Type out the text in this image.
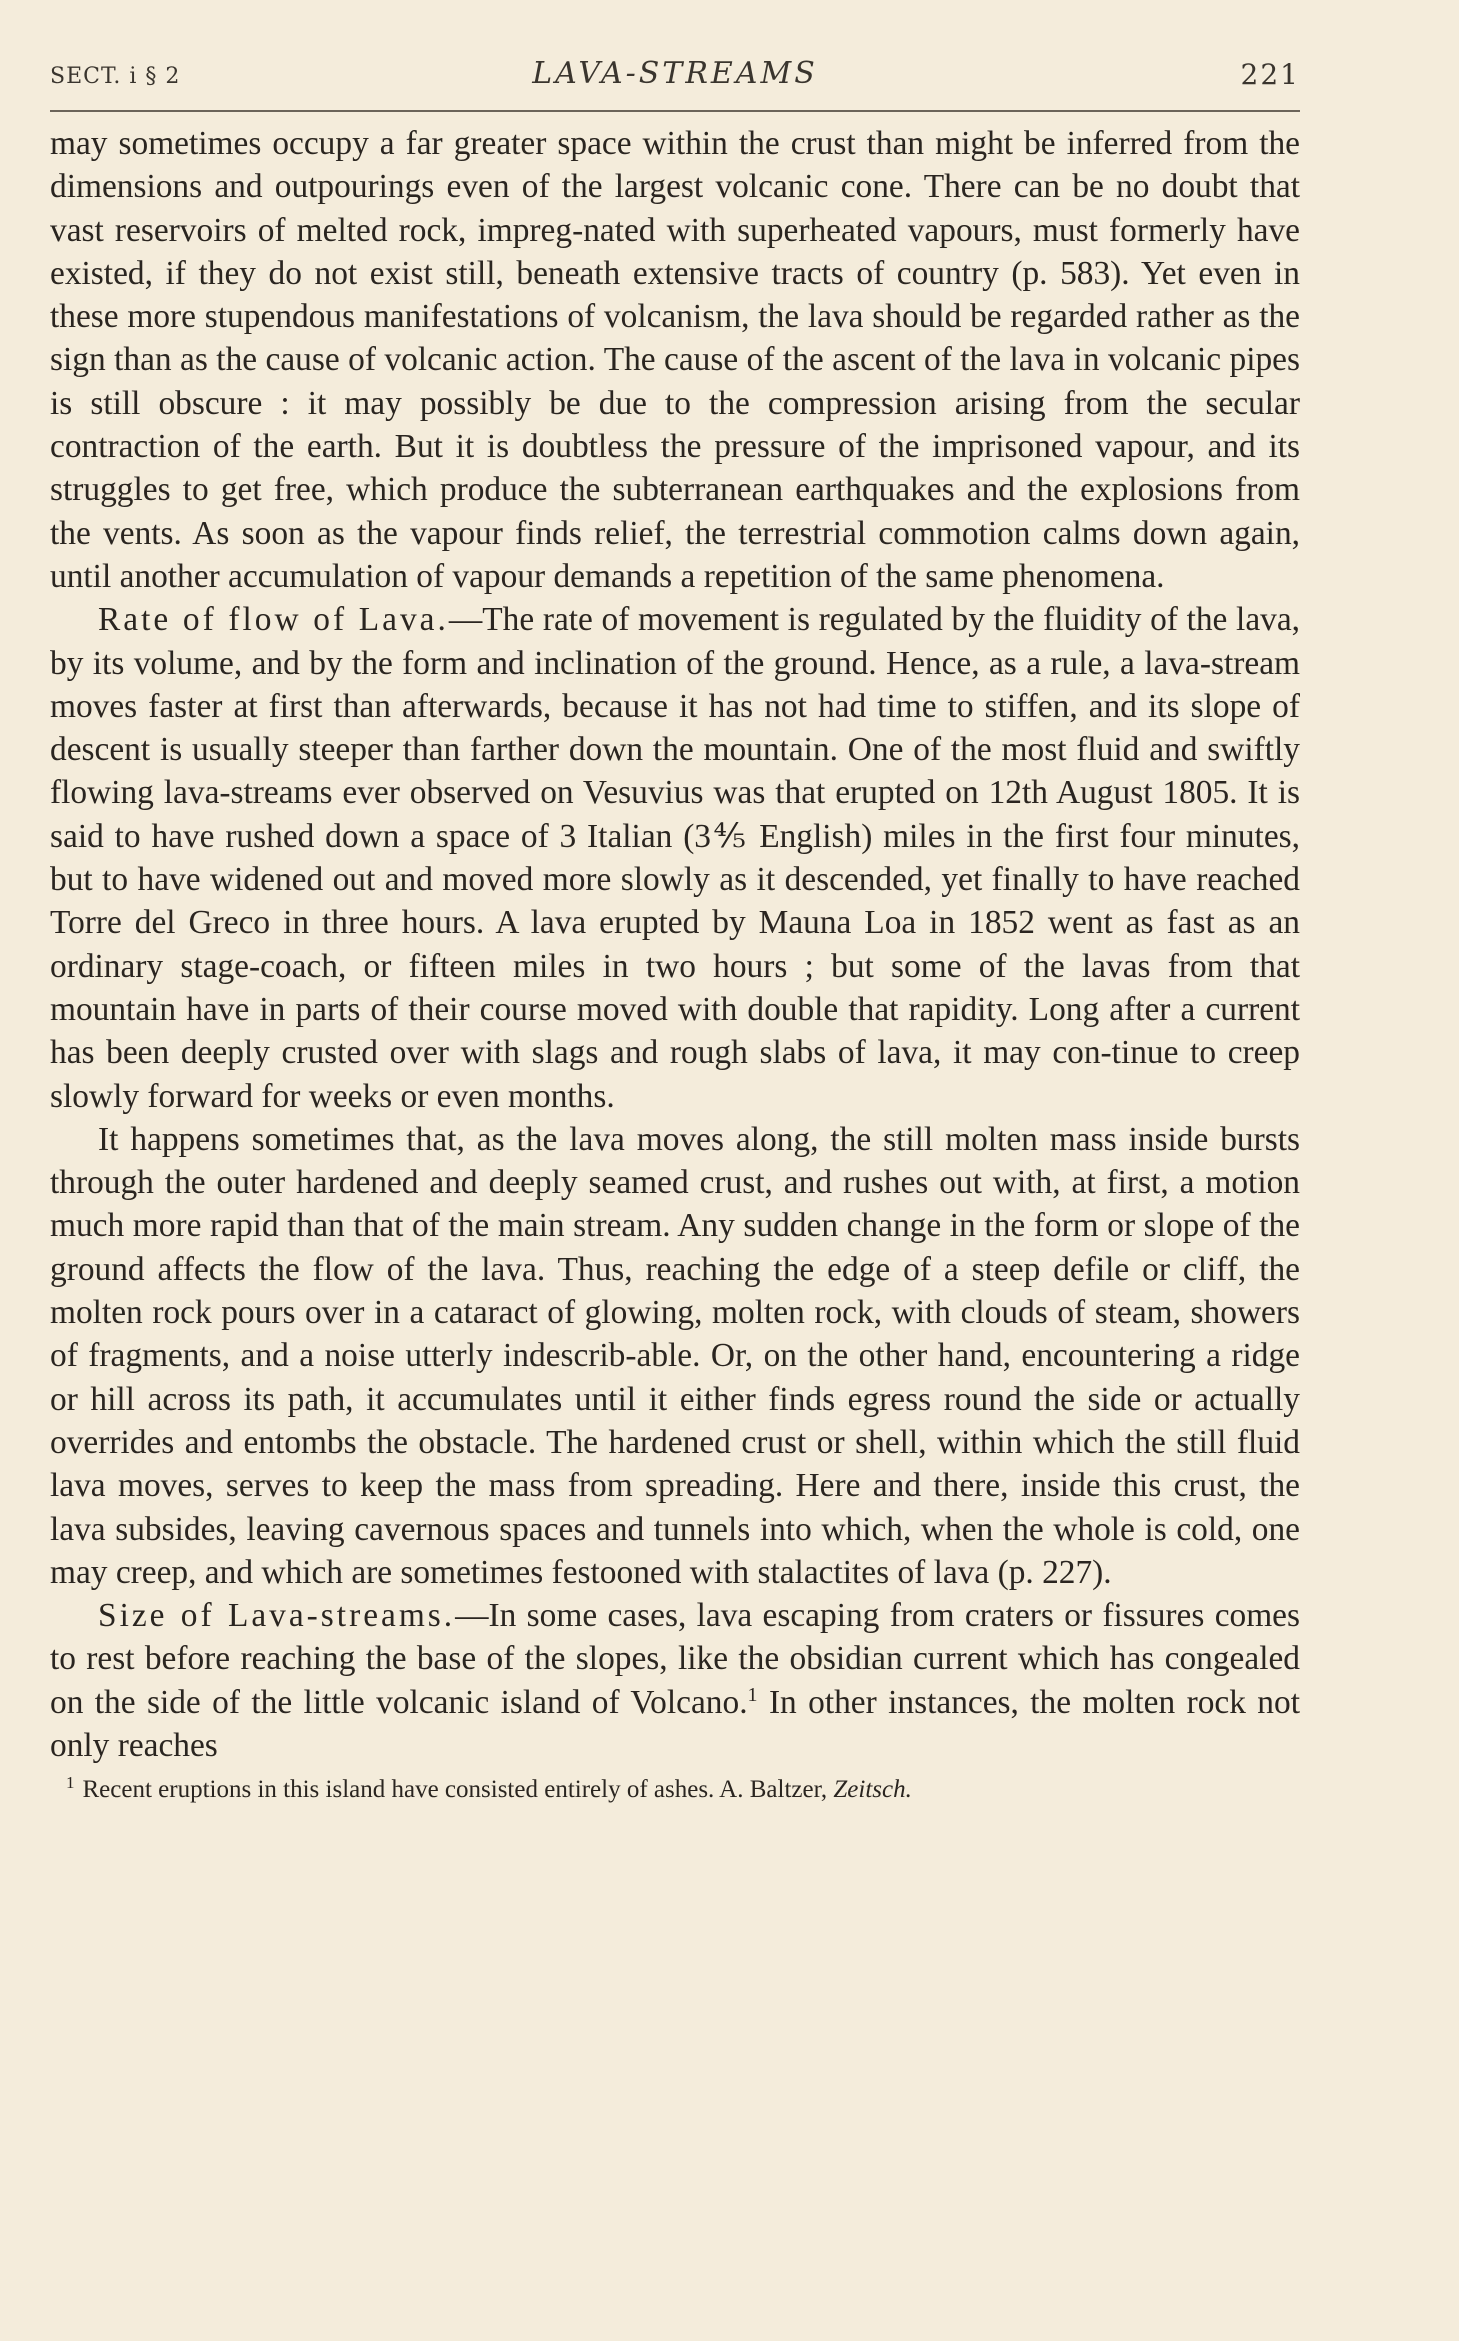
SECT. i § 2	LAVA-STREAMS	221

may sometimes occupy a far greater space within the crust than might be inferred from the dimensions and outpourings even of the largest volcanic cone. There can be no doubt that vast reservoirs of melted rock, impreg-nated with superheated vapours, must formerly have existed, if they do not exist still, beneath extensive tracts of country (p. 583). Yet even in these more stupendous manifestations of volcanism, the lava should be regarded rather as the sign than as the cause of volcanic action. The cause of the ascent of the lava in volcanic pipes is still obscure : it may possibly be due to the compression arising from the secular contraction of the earth. But it is doubtless the pressure of the imprisoned vapour, and its struggles to get free, which produce the subterranean earthquakes and the explosions from the vents. As soon as the vapour finds relief, the terrestrial commotion calms down again, until another accumulation of vapour demands a repetition of the same phenomena.

Rate of flow of Lava.—The rate of movement is regulated by the fluidity of the lava, by its volume, and by the form and inclination of the ground. Hence, as a rule, a lava-stream moves faster at first than afterwards, because it has not had time to stiffen, and its slope of descent is usually steeper than farther down the mountain. One of the most fluid and swiftly flowing lava-streams ever observed on Vesuvius was that erupted on 12th August 1805. It is said to have rushed down a space of 3 Italian (3⅘ English) miles in the first four minutes, but to have widened out and moved more slowly as it descended, yet finally to have reached Torre del Greco in three hours. A lava erupted by Mauna Loa in 1852 went as fast as an ordinary stage-coach, or fifteen miles in two hours ; but some of the lavas from that mountain have in parts of their course moved with double that rapidity. Long after a current has been deeply crusted over with slags and rough slabs of lava, it may con-tinue to creep slowly forward for weeks or even months.

It happens sometimes that, as the lava moves along, the still molten mass inside bursts through the outer hardened and deeply seamed crust, and rushes out with, at first, a motion much more rapid than that of the main stream. Any sudden change in the form or slope of the ground affects the flow of the lava. Thus, reaching the edge of a steep defile or cliff, the molten rock pours over in a cataract of glowing, molten rock, with clouds of steam, showers of fragments, and a noise utterly indescrib-able. Or, on the other hand, encountering a ridge or hill across its path, it accumulates until it either finds egress round the side or actually overrides and entombs the obstacle. The hardened crust or shell, within which the still fluid lava moves, serves to keep the mass from spreading. Here and there, inside this crust, the lava subsides, leaving cavernous spaces and tunnels into which, when the whole is cold, one may creep, and which are sometimes festooned with stalactites of lava (p. 227).

Size of Lava-streams.—In some cases, lava escaping from craters or fissures comes to rest before reaching the base of the slopes, like the obsidian current which has congealed on the side of the little volcanic island of Volcano.$^1$ In other instances, the molten rock not only reaches

$^1$ Recent eruptions in this island have consisted entirely of ashes. A. Baltzer, Zeitsch.
